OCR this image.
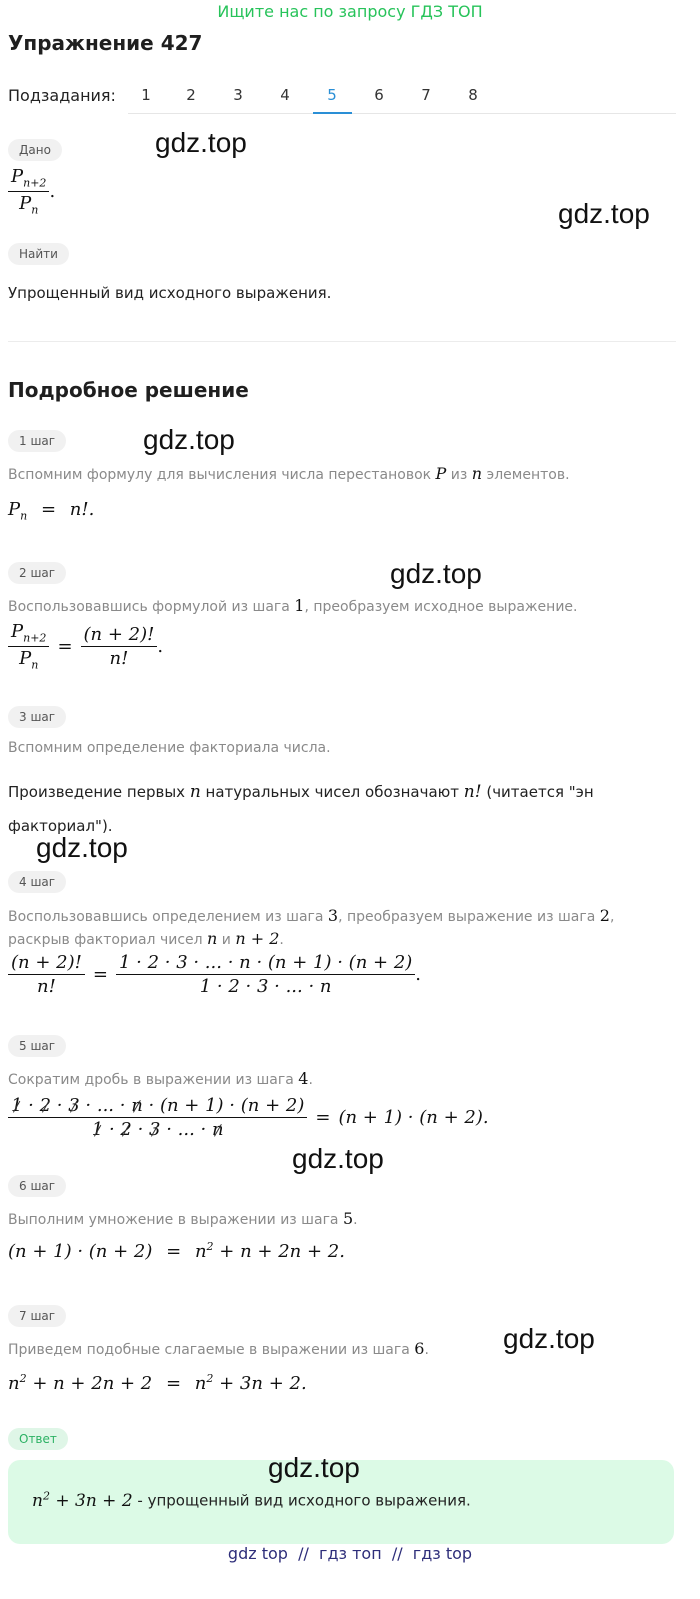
Ищите нас по запросу ГДЗ ТОП
Упражнение 427
Подзадания:	1	2	3	4	5	6	7	8
Дано
$\frac{P_{n+2}}{P_n}$ .
Найти
Упрощенный вид исходного выражения.
Подробное решение
1 шаг
Вспомним формулу для вычисления числа перестановок P из n элементов.
$P_n = n$!.
2 шаг
Воспользовавшись формулой из шага 1, преобразуем исходное выражение.
$\frac{P_{n+2}}{P_n} = \frac{(n + 2)!}{n!}$ .
3 шаг
Вспомним определение факториала числа.
Произведение первых n натуральных чисел обозначают n! (читается "эн
факториал").
4 шаг
Воспользовавшись определением из шага 3, преобразуем выражение из шага 2,
раскрыв факториал чисел n и n + 2.
$\frac{(n + 2)!}{n!} = \frac{1 \cdot 2 \cdot 3 \cdot ... \cdot n \cdot (n + 1) \cdot (n + 2)}{1 \cdot 2 \cdot 3 \cdot ... \cdot n}$ .
5 шаг
Сократим дробь в выражении из шага 4.
$\frac{1 \cdot 2 \cdot 3 \cdot ... \cdot n \cdot (n + 1) \cdot (n + 2)}{1 \cdot 2 \cdot 3 \cdot ... \cdot n} = (n + 1) \cdot (n + 2)$.
6 шаг
Выполним умножение в выражении из шага 5.
$(n + 1) \cdot (n + 2) = n^2 + n + 2n + 2$.
7 шаг
Приведем подобные слагаемые в выражении из шага 6.
$n^2 + n + 2n + 2 = n^2 + 3n + 2$.
Ответ
$n^2 + 3n + 2$ - упрощенный вид исходного выражения.
gdz.top
gdz.top
gdz.top
gdz.top
gdz.top
gdz.top
gdz.top
gdz.top
gdz top  //  гдз топ  //  гдз top
